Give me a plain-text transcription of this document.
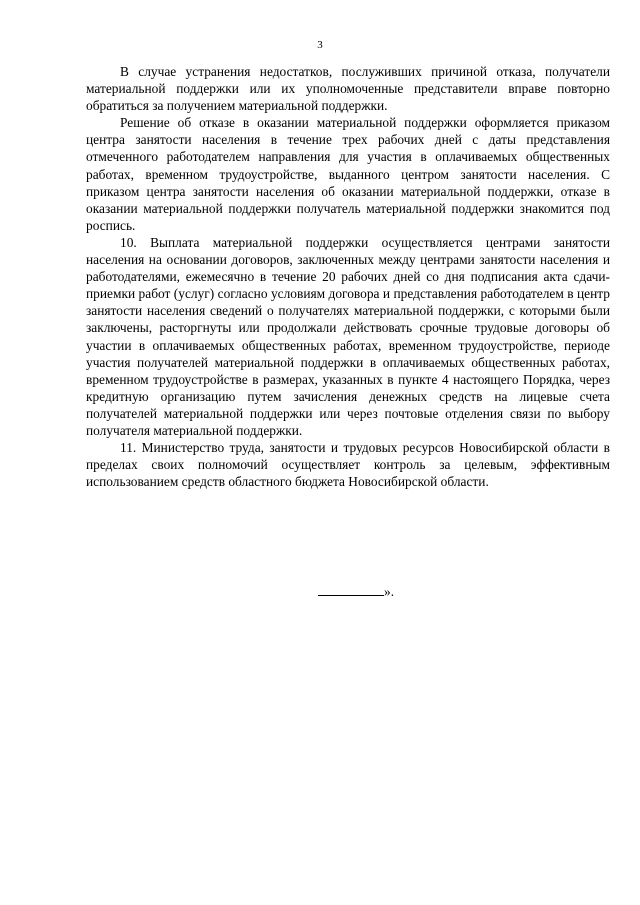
3

В случае устранения недостатков, послуживших причиной отказа, получатели материальной поддержки или их уполномоченные представители вправе повторно обратиться за получением материальной поддержки.

Решение об отказе в оказании материальной поддержки оформляется приказом центра занятости населения в течение трех рабочих дней с даты представления отмеченного работодателем направления для участия в оплачиваемых общественных работах, временном трудоустройстве, выданного центром занятости населения. С приказом центра занятости населения об оказании материальной поддержки, отказе в оказании материальной поддержки получатель материальной поддержки знакомится под роспись.

10. Выплата материальной поддержки осуществляется центрами занятости населения на основании договоров, заключенных между центрами занятости населения и работодателями, ежемесячно в течение 20 рабочих дней со дня подписания акта сдачи-приемки работ (услуг) согласно условиям договора и представления работодателем в центр занятости населения сведений о получателях материальной поддержки, с которыми были заключены, расторгнуты или продолжали действовать срочные трудовые договоры об участии в оплачиваемых общественных работах, временном трудоустройстве, периоде участия получателей материальной поддержки в оплачиваемых общественных работах, временном трудоустройстве в размерах, указанных в пункте 4 настоящего Порядка, через кредитную организацию путем зачисления денежных средств на лицевые счета получателей материальной поддержки или через почтовые отделения связи по выбору получателя материальной поддержки.

11. Министерство труда, занятости и трудовых ресурсов Новосибирской области в пределах своих полномочий осуществляет контроль за целевым, эффективным использованием средств областного бюджета Новосибирской области.

».
